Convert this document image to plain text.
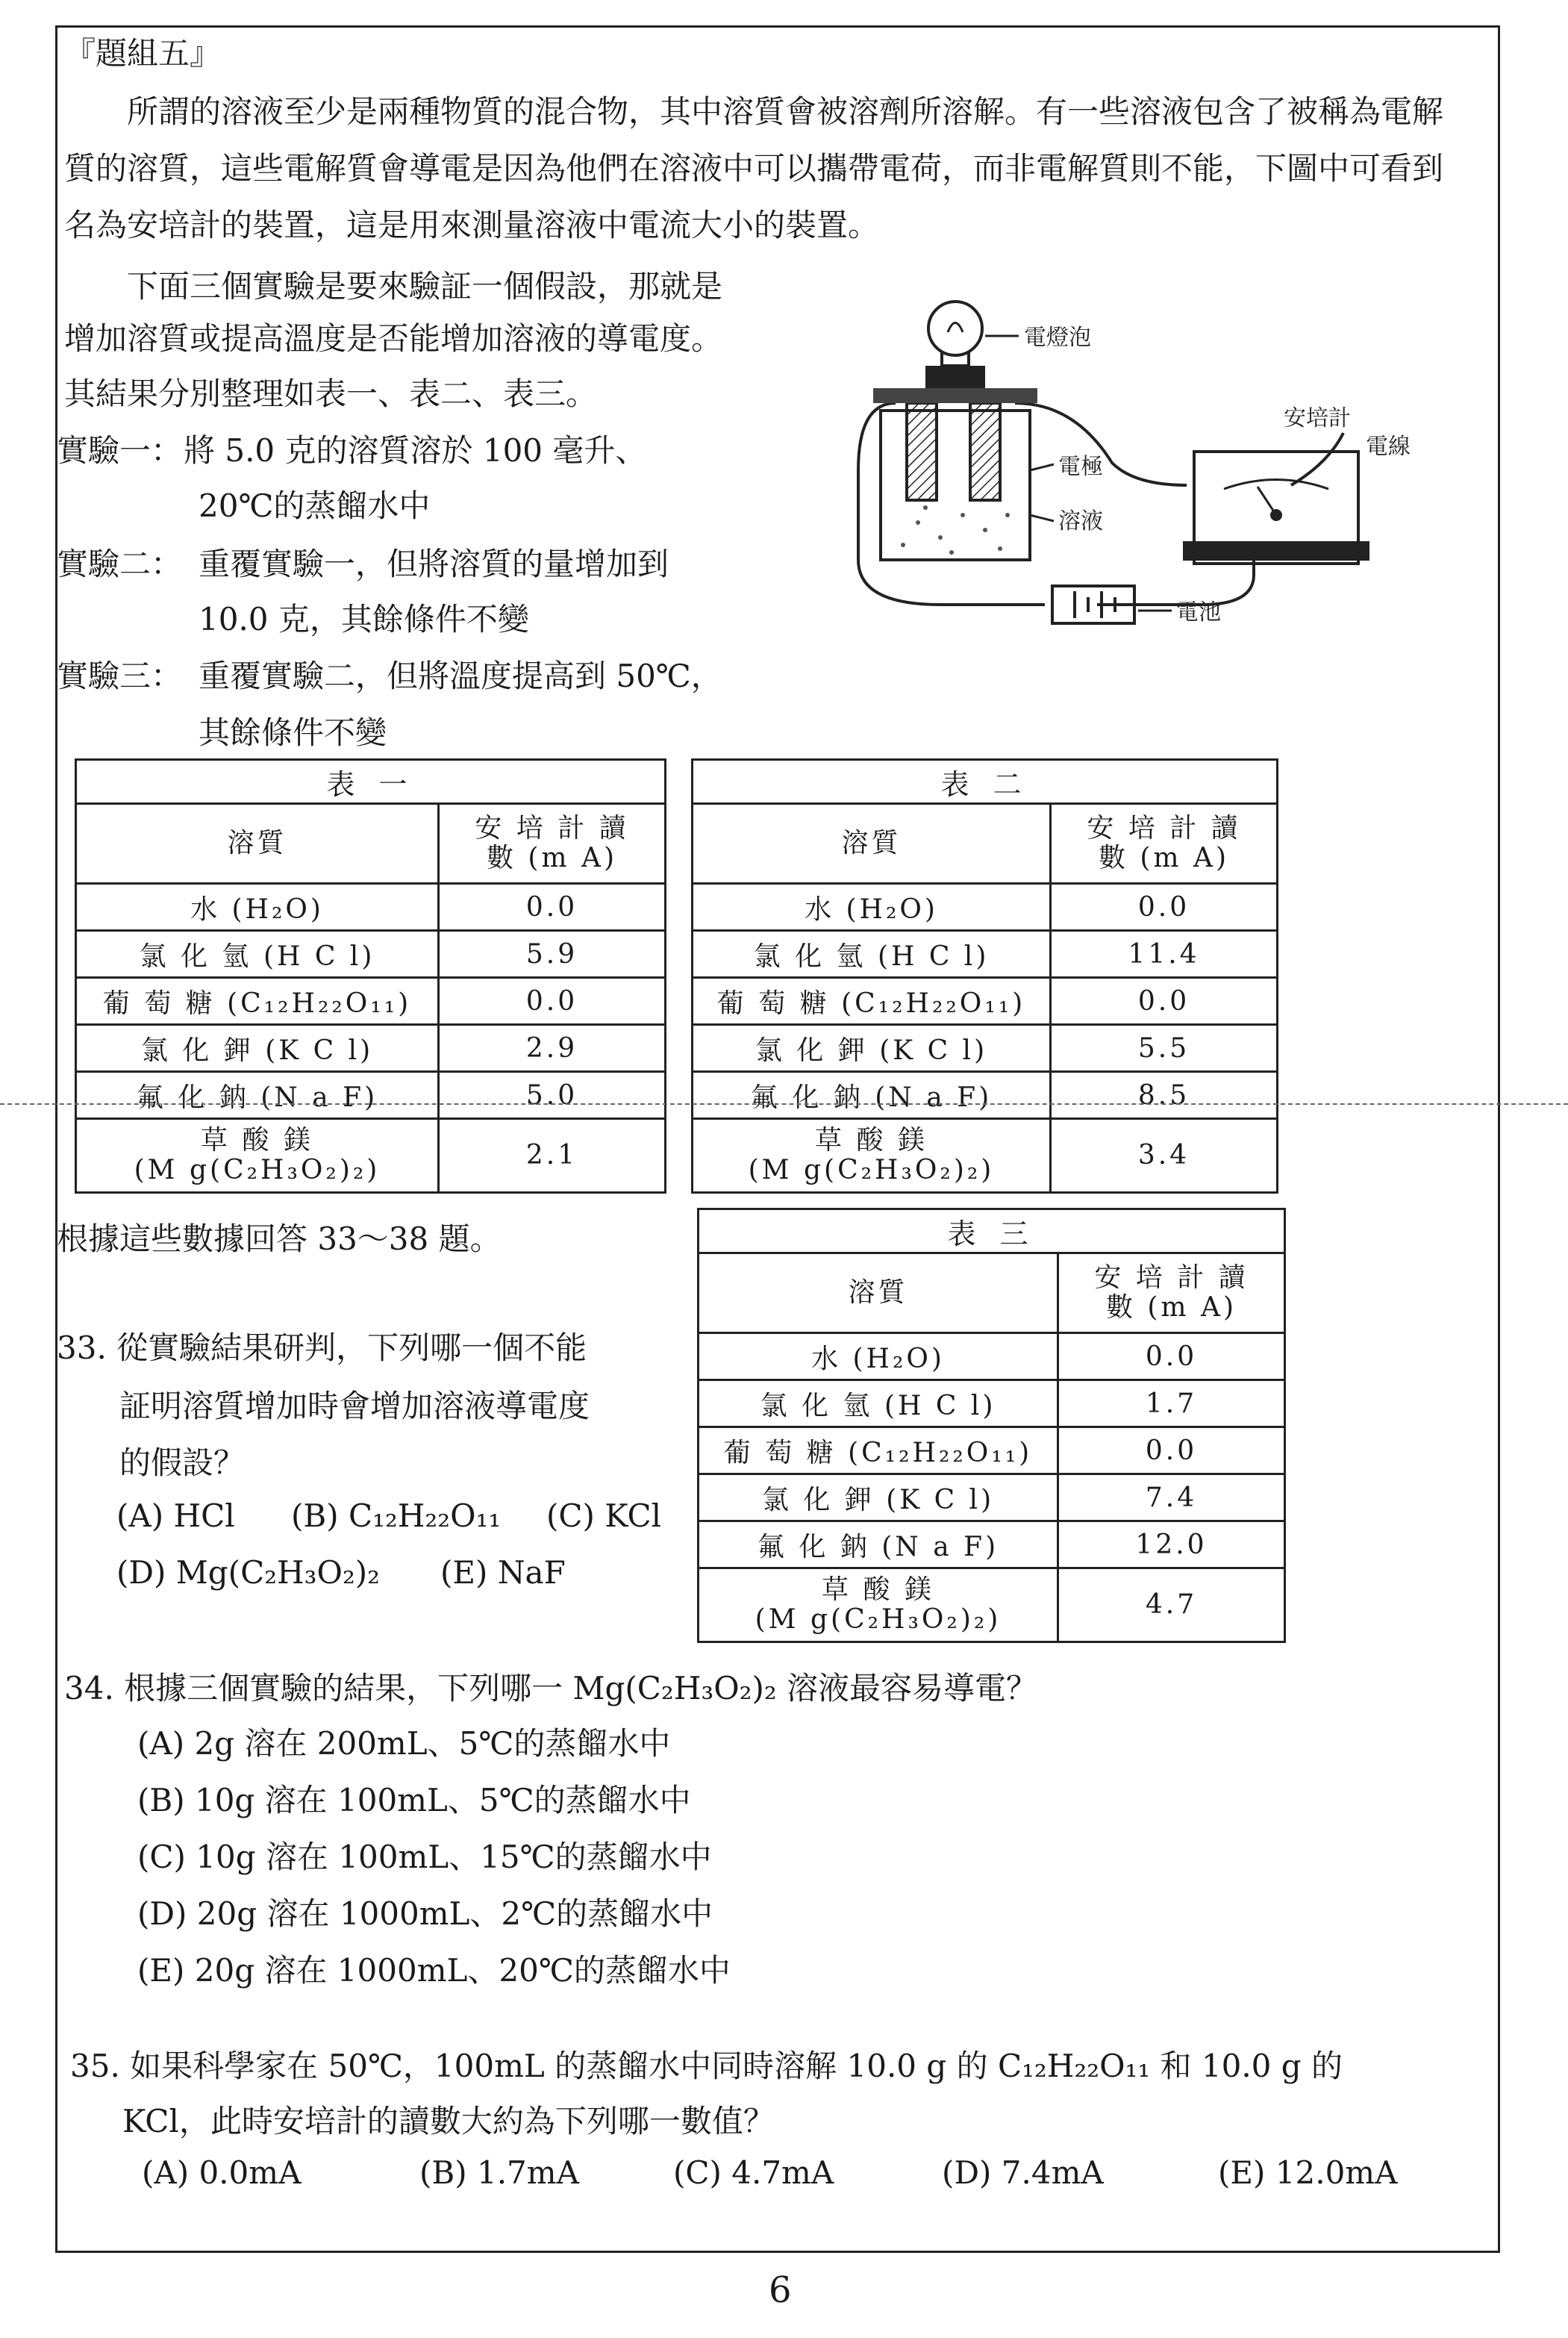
『題組五』
所謂的溶液至少是兩種物質的混合物，其中溶質會被溶劑所溶解。有一些溶液包含了被稱為電解質的溶質，這些電解質會導電是因為他們在溶液中可以攜帶電荷，而非電解質則不能，下圖中可看到名為安培計的裝置，這是用來測量溶液中電流大小的裝置。
下面三個實驗是要來驗証一個假設，那就是
增加溶質或提高溫度是否能增加溶液的導電度。
其結果分別整理如表一、表二、表三。
實驗一： 將 5.0 克的溶質溶於 100 毫升、
20℃的蒸餾水中
實驗二： 重覆實驗一，但將溶質的量增加到
10.0 克，其餘條件不變
實驗三： 重覆實驗二，但將溫度提高到 50℃，
其餘條件不變
電燈泡
安培計
電線
電極
溶液
電池
表 一	
溶質	安 培 計 讀
數 (m A)
水 (H₂O)	0.0
氯 化 氫 (H C l)	5.9
葡 萄 糖 (C₁₂H₂₂O₁₁)	0.0
氯 化 鉀 (K C l)	2.9
氟 化 鈉 (N a F)	5.0
草 酸 鎂
(M g(C₂H₃O₂)₂)	2.1
表 二	
溶質	安 培 計 讀
數 (m A)
水 (H₂O)	0.0
氯 化 氫 (H C l)	11.4
葡 萄 糖 (C₁₂H₂₂O₁₁)	0.0
氯 化 鉀 (K C l)	5.5
氟 化 鈉 (N a F)	8.5
草 酸 鎂
(M g(C₂H₃O₂)₂)	3.4
根據這些數據回答 33～38 題。	表 三	
溶質	安 培 計 讀
數 (m A)
水 (H₂O)	0.0
氯 化 氫 (H C l)	1.7
葡 萄 糖 (C₁₂H₂₂O₁₁)	0.0
氯 化 鉀 (K C l)	7.4
氟 化 鈉 (N a F)	12.0
草 酸 鎂
(M g(C₂H₃O₂)₂)	4.7
33. 從實驗結果研判，下列哪一個不能
証明溶質增加時會增加溶液導電度
的假設？
(A) HCl (B) C₁₂H₂₂O₁₁ (C) KCl
(D) Mg(C₂H₃O₂)₂ (E) NaF
34. 根據三個實驗的結果，下列哪一 Mg(C₂H₃O₂)₂ 溶液最容易導電？
(A) 2g 溶在 200mL、5℃的蒸餾水中
(B) 10g 溶在 100mL、5℃的蒸餾水中
(C) 10g 溶在 100mL、15℃的蒸餾水中
(D) 20g 溶在 1000mL、2℃的蒸餾水中
(E) 20g 溶在 1000mL、20℃的蒸餾水中
35. 如果科學家在 50℃，100mL 的蒸餾水中同時溶解 10.0 g 的 C₁₂H₂₂O₁₁ 和 10.0 g 的
KCl，此時安培計的讀數大約為下列哪一數值？
(A) 0.0mA	(B) 1.7mA	(C) 4.7mA	(D) 7.4mA	(E) 12.0mA
6
